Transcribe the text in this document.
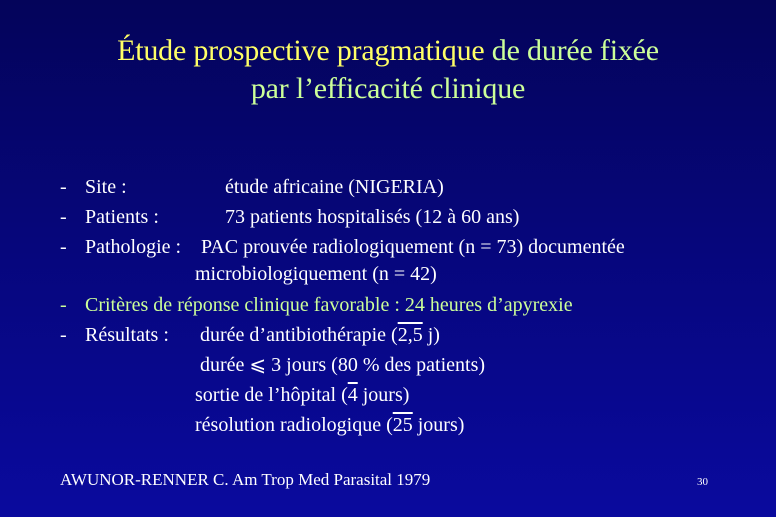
Étude prospective pragmatique de durée fixée
par l’efficacité clinique
- Site :	étude africaine (NIGERIA)
- Patients :	73 patients hospitalisés (12 à 60 ans)
- Pathologie : PAC prouvée radiologiquement (n = 73) documentée
microbiologiquement (n = 42)
- Critères de réponse clinique favorable : 24 heures d’apyrexie
- Résultats : durée d’antibiothérapie (2,5 j)
durée ⩽ 3 jours (80 % des patients)
sortie de l’hôpital (4 jours)
résolution radiologique (25 jours)
AWUNOR-RENNER C. Am Trop Med Parasital 1979	30
